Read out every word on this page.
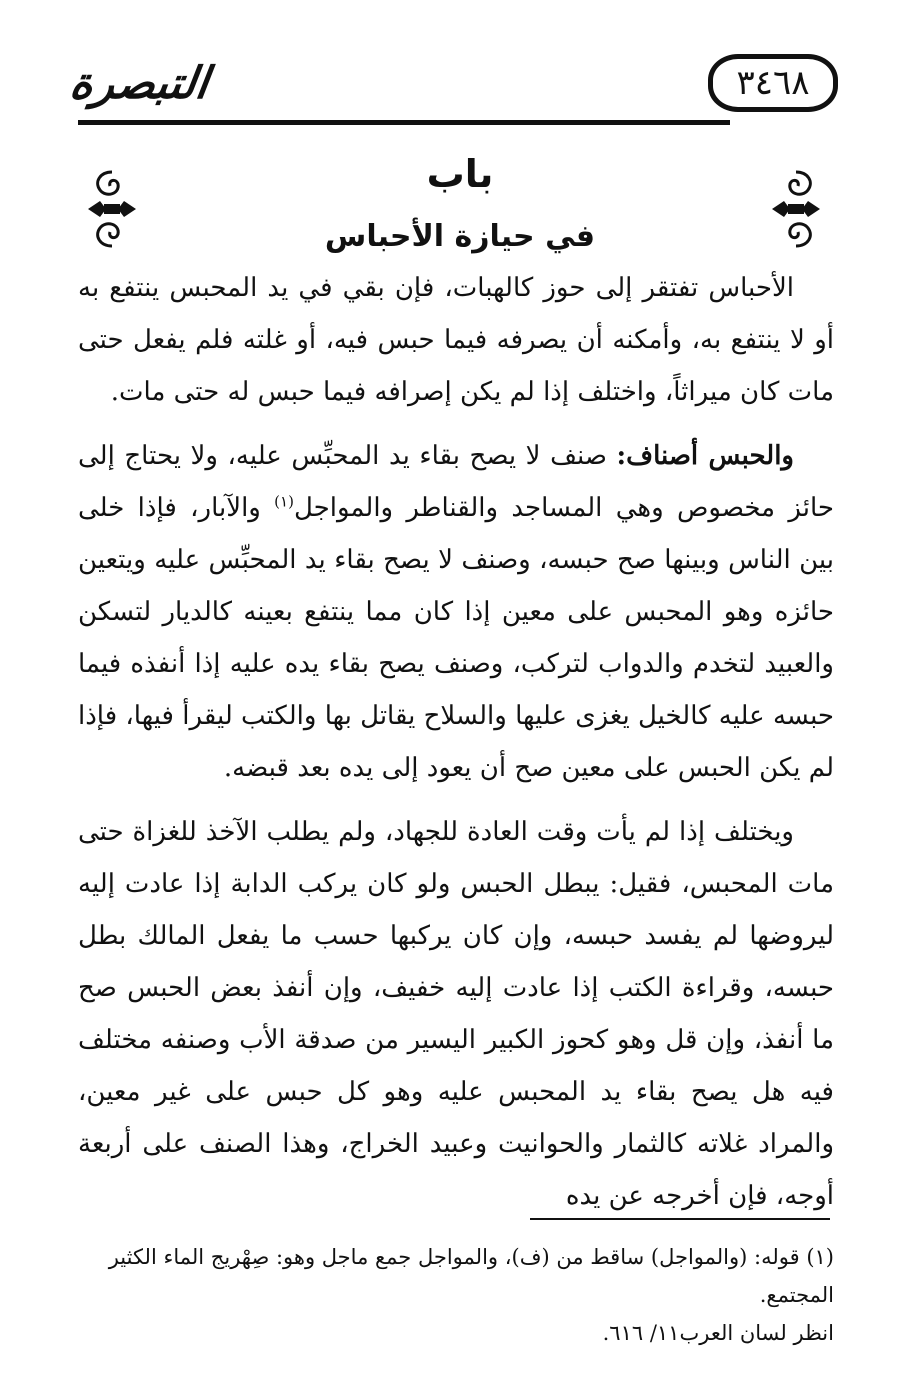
التبصرة	٣٤٦٨
باب
في حيازة الأحباس

الأحباس تفتقر إلى حوز كالهبات، فإن بقي في يد المحبس ينتفع به أو لا ينتفع به، وأمكنه أن يصرفه فيما حبس فيه، أو غلته فلم يفعل حتى مات كان ميراثاً، واختلف إذا لم يكن إصرافه فيما حبس له حتى مات.

والحبس أصناف: صنف لا يصح بقاء يد المحبِّس عليه، ولا يحتاج إلى حائز مخصوص وهي المساجد والقناطر والمواجل$^{(١)}$ والآبار، فإذا خلى بين الناس وبينها صح حبسه، وصنف لا يصح بقاء يد المحبِّس عليه ويتعين حائزه وهو المحبس على معين إذا كان مما ينتفع بعينه كالديار لتسكن والعبيد لتخدم والدواب لتركب، وصنف يصح بقاء يده عليه إذا أنفذه فيما حبسه عليه كالخيل يغزى عليها والسلاح يقاتل بها والكتب ليقرأ فيها، فإذا لم يكن الحبس على معين صح أن يعود إلى يده بعد قبضه.

ويختلف إذا لم يأت وقت العادة للجهاد، ولم يطلب الآخذ للغزاة حتى مات المحبس، فقيل: يبطل الحبس ولو كان يركب الدابة إذا عادت إليه ليروضها لم يفسد حبسه، وإن كان يركبها حسب ما يفعل المالك بطل حبسه، وقراءة الكتب إذا عادت إليه خفيف، وإن أنفذ بعض الحبس صح ما أنفذ، وإن قل وهو كحوز الكبير اليسير من صدقة الأب وصنفه مختلف فيه هل يصح بقاء يد المحبس عليه وهو كل حبس على غير معين، والمراد غلاته كالثمار والحوانيت وعبيد الخراج، وهذا الصنف على أربعة أوجه، فإن أخرجه عن يده

(١) قوله: (والمواجل) ساقط من (ف)، والمواجل جمع ماجل وهو: صِهْريج الماء الكثير المجتمع.
انظر لسان العرب١١/ ٦١٦.
